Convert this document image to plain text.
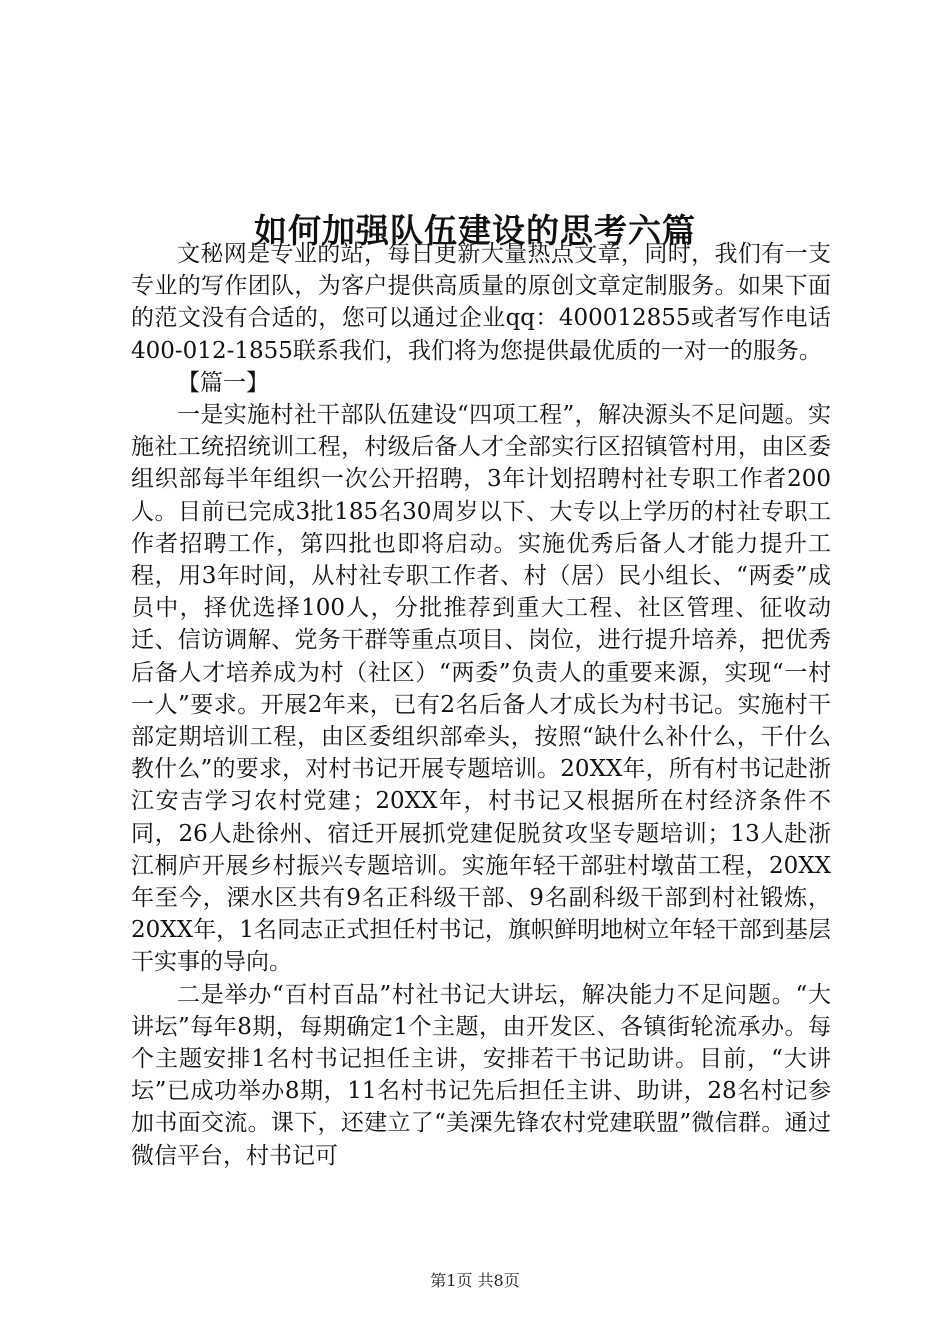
如何加强队伍建设的思考六篇

文秘网是专业的站，每日更新大量热点文章，同时，我们有一支专业的写作团队，为客户提供高质量的原创文章定制服务。如果下面的范文没有合适的，您可以通过企业qq：400012855或者写作电话400-012-1855联系我们，我们将为您提供最优质的一对一的服务。

【篇一】

一是实施村社干部队伍建设“四项工程”，解决源头不足问题。实施社工统招统训工程，村级后备人才全部实行区招镇管村用，由区委组织部每半年组织一次公开招聘，3年计划招聘村社专职工作者200人。目前已完成3批185名30周岁以下、大专以上学历的村社专职工作者招聘工作，第四批也即将启动。实施优秀后备人才能力提升工程，用3年时间，从村社专职工作者、村（居）民小组长、“两委”成员中，择优选择100人，分批推荐到重大工程、社区管理、征收动迁、信访调解、党务干群等重点项目、岗位，进行提升培养，把优秀后备人才培养成为村（社区）“两委”负责人的重要来源，实现“一村一人”要求。开展2年来，已有2名后备人才成长为村书记。实施村干部定期培训工程，由区委组织部牵头，按照“缺什么补什么，干什么教什么”的要求，对村书记开展专题培训。20XX年，所有村书记赴浙江安吉学习农村党建；20XX年，村书记又根据所在村经济条件不同，26人赴徐州、宿迁开展抓党建促脱贫攻坚专题培训；13人赴浙江桐庐开展乡村振兴专题培训。实施年轻干部驻村墩苗工程，20XX年至今，溧水区共有9名正科级干部、9名副科级干部到村社锻炼，20XX年，1名同志正式担任村书记，旗帜鲜明地树立年轻干部到基层干实事的导向。

二是举办“百村百品”村社书记大讲坛，解决能力不足问题。“大讲坛”每年8期，每期确定1个主题，由开发区、各镇街轮流承办。每个主题安排1名村书记担任主讲，安排若干书记助讲。目前，“大讲坛”已成功举办8期，11名村书记先后担任主讲、助讲，28名村记参加书面交流。课下，还建立了“美溧先锋农村党建联盟”微信群。通过微信平台，村书记可

第1页 共8页
